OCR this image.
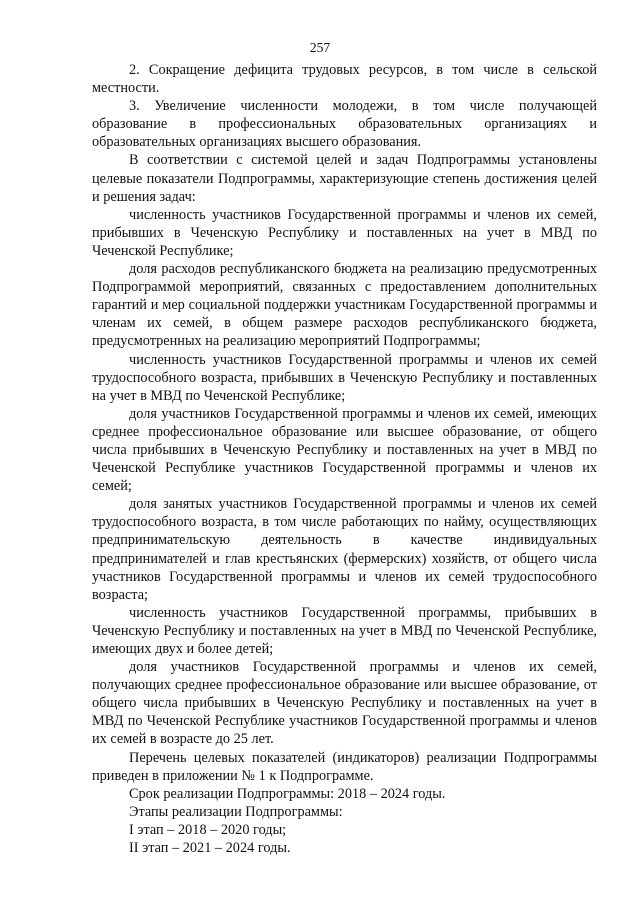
257

2. Сокращение дефицита трудовых ресурсов, в том числе в сельской местности.

3. Увеличение численности молодежи, в том числе получающей образование в профессиональных образовательных организациях и образовательных организациях высшего образования.

В соответствии с системой целей и задач Подпрограммы установлены целевые показатели Подпрограммы, характеризующие степень достижения целей и решения задач:

численность участников Государственной программы и членов их семей, прибывших в Чеченскую Республику и поставленных на учет в МВД по Чеченской Республике;

доля расходов республиканского бюджета на реализацию предусмотренных Подпрограммой мероприятий, связанных с предоставлением дополнительных гарантий и мер социальной поддержки участникам Государственной программы и членам их семей, в общем размере расходов республиканского бюджета, предусмотренных на реализацию мероприятий Подпрограммы;

численность участников Государственной программы и членов их семей трудоспособного возраста, прибывших в Чеченскую Республику и поставленных на учет в МВД по Чеченской Республике;

доля участников Государственной программы и членов их семей, имеющих среднее профессиональное образование или высшее образование, от общего числа прибывших в Чеченскую Республику и поставленных на учет в МВД по Чеченской Республике участников Государственной программы и членов их семей;

доля занятых участников Государственной программы и членов их семей трудоспособного возраста, в том числе работающих по найму, осуществляющих предпринимательскую деятельность в качестве индивидуальных предпринимателей и глав крестьянских (фермерских) хозяйств, от общего числа участников Государственной программы и членов их семей трудоспособного возраста;

численность участников Государственной программы, прибывших в Чеченскую Республику и поставленных на учет в МВД по Чеченской Республике, имеющих двух и более детей;

доля участников Государственной программы и членов их семей, получающих среднее профессиональное образование или высшее образование, от общего числа прибывших в Чеченскую Республику и поставленных на учет в МВД по Чеченской Республике участников Государственной программы и членов их семей в возрасте до 25 лет.

Перечень целевых показателей (индикаторов) реализации Подпрограммы приведен в приложении № 1 к Подпрограмме.

Срок реализации Подпрограммы: 2018 – 2024 годы.

Этапы реализации Подпрограммы:

I этап – 2018 – 2020 годы;

II этап – 2021 – 2024 годы.
